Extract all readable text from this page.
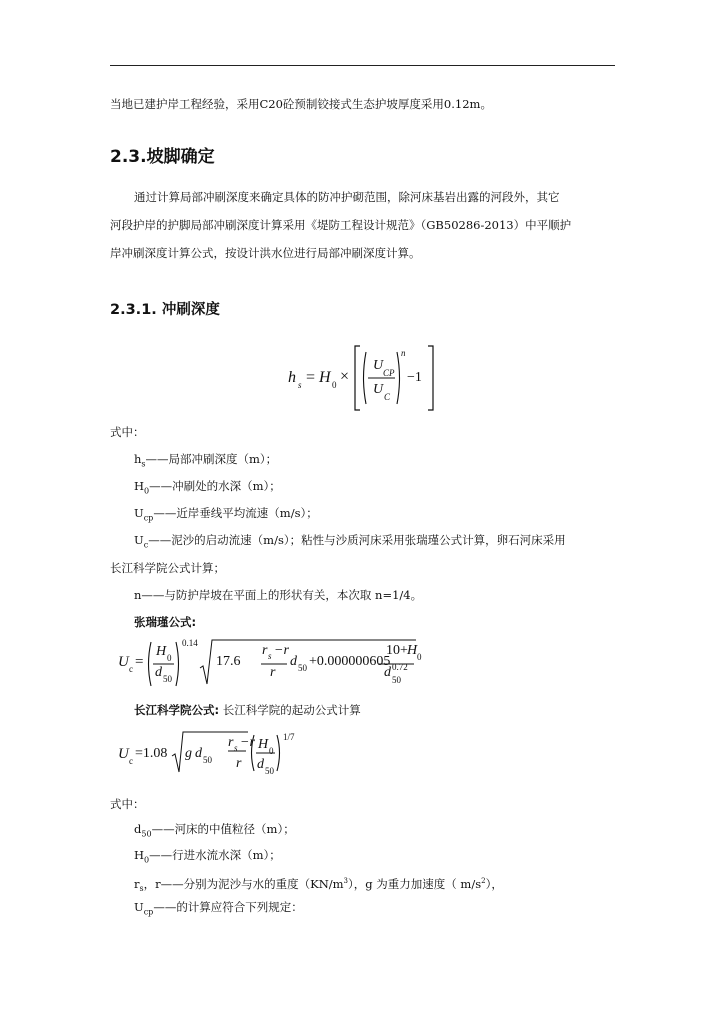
当地已建护岸工程经验，采用C20砼预制铰接式生态护坡厚度采用0.12m。
2.3.坡脚确定
通过计算局部冲刷深度来确定具体的防冲护砌范围，除河床基岩出露的河段外，其它
河段护岸的护脚局部冲刷深度计算采用《堤防工程设计规范》（GB50286-2013）中平顺护
岸冲刷深度计算公式，按设计洪水位进行局部冲刷深度计算。
2.3.1. 冲刷深度
h s = H 0 ×
U CP
U C
n
−1
式中：
$h_s——$局部冲刷深度（m）；
$H_0——$冲刷处的水深（m）；
$U_{cp}——$近岸垂线平均流速（m/s）；
$U_c——$泥沙的启动流速（m/s）；粘性与沙质河床采用张瑞瑾公式计算，卵石河床采用
长江科学院公式计算；
n——与防护岸坡在平面上的形状有关，本次取 n=1/4。
张瑞瑾公式:
U c =
H 0
d 50
0.14
17.6
r s −r
r
d 50 +0.000000605
10+ H 0
d 50
0.72
长江科学院公式: 长江科学院的起动公式计算
U c =1.08 g d 50
r s −r
r
H 0
d 50
1/7
式中：
$d_{50}——$河床的中值粒径（m）；
$H_0——$行进水流水深（m）；
$r_s$，r——分别为泥沙与水的重度$(KN/m^3)$，g 为重力加速度（ $m/s^2$），
$U_{cp}——$的计算应符合下列规定：
